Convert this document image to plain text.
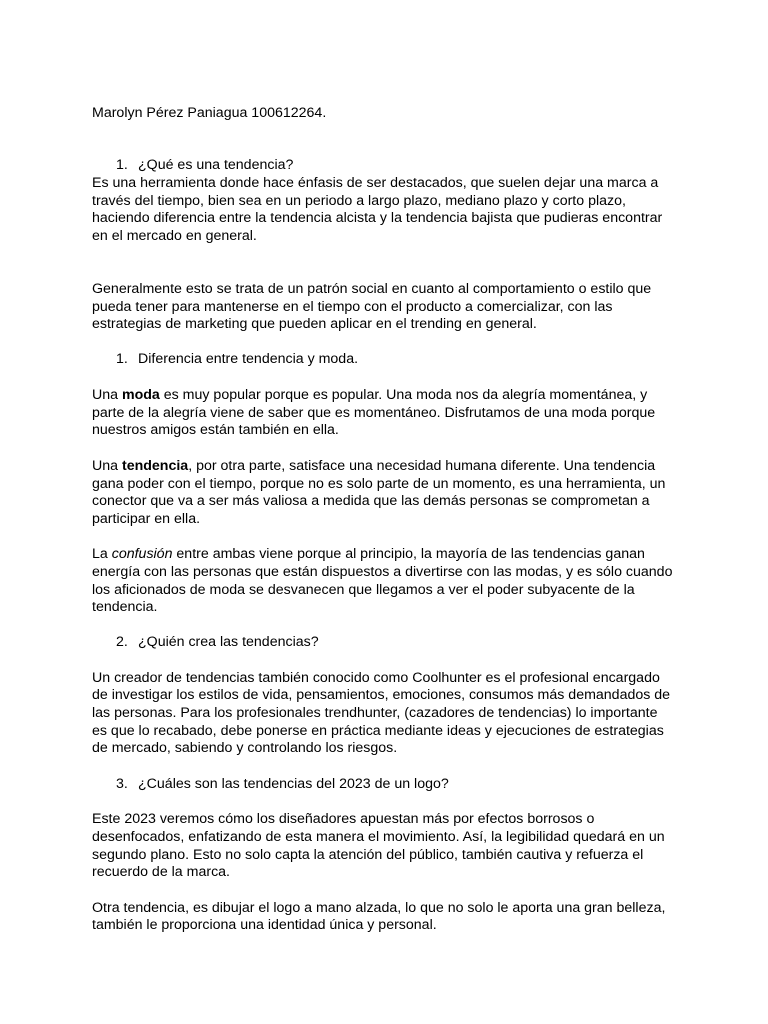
Marolyn Pérez Paniagua 100612264.
1. ¿Qué es una tendencia?
Es una herramienta donde hace énfasis de ser destacados, que suelen dejar una marca a
través del tiempo, bien sea en un periodo a largo plazo, mediano plazo y corto plazo,
haciendo diferencia entre la tendencia alcista y la tendencia bajista que pudieras encontrar
en el mercado en general.
Generalmente esto se trata de un patrón social en cuanto al comportamiento o estilo que
pueda tener para mantenerse en el tiempo con el producto a comercializar, con las
estrategias de marketing que pueden aplicar en el trending en general.
1. Diferencia entre tendencia y moda.
Una moda es muy popular porque es popular. Una moda nos da alegría momentánea, y
parte de la alegría viene de saber que es momentáneo. Disfrutamos de una moda porque
nuestros amigos están también en ella.
Una tendencia, por otra parte, satisface una necesidad humana diferente. Una tendencia
gana poder con el tiempo, porque no es solo parte de un momento, es una herramienta, un
conector que va a ser más valiosa a medida que las demás personas se comprometan a
participar en ella.
La confusión entre ambas viene porque al principio, la mayoría de las tendencias ganan
energía con las personas que están dispuestos a divertirse con las modas, y es sólo cuando
los aficionados de moda se desvanecen que llegamos a ver el poder subyacente de la
tendencia.
2. ¿Quién crea las tendencias?
Un creador de tendencias también conocido como Coolhunter es el profesional encargado
de investigar los estilos de vida, pensamientos, emociones, consumos más demandados de
las personas. Para los profesionales trendhunter, (cazadores de tendencias) lo importante
es que lo recabado, debe ponerse en práctica mediante ideas y ejecuciones de estrategias
de mercado, sabiendo y controlando los riesgos.
3. ¿Cuáles son las tendencias del 2023 de un logo?
Este 2023 veremos cómo los diseñadores apuestan más por efectos borrosos o
desenfocados, enfatizando de esta manera el movimiento. Así, la legibilidad quedará en un
segundo plano. Esto no solo capta la atención del público, también cautiva y refuerza el
recuerdo de la marca.
Otra tendencia, es dibujar el logo a mano alzada, lo que no solo le aporta una gran belleza,
también le proporciona una identidad única y personal.
